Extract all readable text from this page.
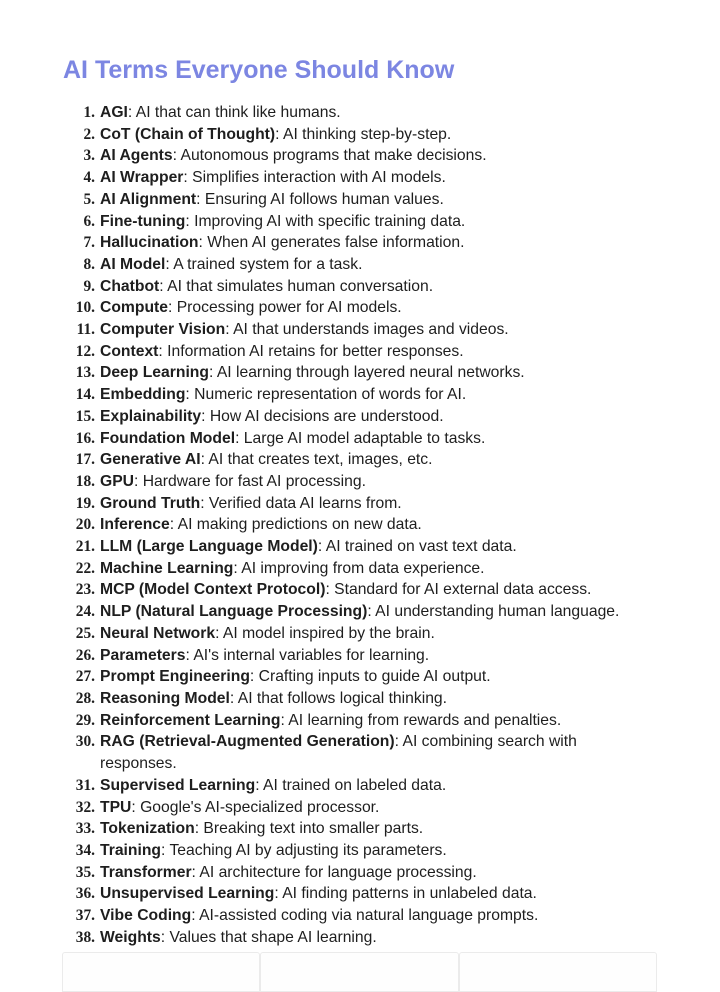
AI Terms Everyone Should Know
1. AGI: AI that can think like humans.
2. CoT (Chain of Thought): AI thinking step-by-step.
3. AI Agents: Autonomous programs that make decisions.
4. AI Wrapper: Simplifies interaction with AI models.
5. AI Alignment: Ensuring AI follows human values.
6. Fine-tuning: Improving AI with specific training data.
7. Hallucination: When AI generates false information.
8. AI Model: A trained system for a task.
9. Chatbot: AI that simulates human conversation.
10. Compute: Processing power for AI models.
11. Computer Vision: AI that understands images and videos.
12. Context: Information AI retains for better responses.
13. Deep Learning: AI learning through layered neural networks.
14. Embedding: Numeric representation of words for AI.
15. Explainability: How AI decisions are understood.
16. Foundation Model: Large AI model adaptable to tasks.
17. Generative AI: AI that creates text, images, etc.
18. GPU: Hardware for fast AI processing.
19. Ground Truth: Verified data AI learns from.
20. Inference: AI making predictions on new data.
21. LLM (Large Language Model): AI trained on vast text data.
22. Machine Learning: AI improving from data experience.
23. MCP (Model Context Protocol): Standard for AI external data access.
24. NLP (Natural Language Processing): AI understanding human language.
25. Neural Network: AI model inspired by the brain.
26. Parameters: AI's internal variables for learning.
27. Prompt Engineering: Crafting inputs to guide AI output.
28. Reasoning Model: AI that follows logical thinking.
29. Reinforcement Learning: AI learning from rewards and penalties.
30. RAG (Retrieval-Augmented Generation): AI combining search with responses.
31. Supervised Learning: AI trained on labeled data.
32. TPU: Google's AI-specialized processor.
33. Tokenization: Breaking text into smaller parts.
34. Training: Teaching AI by adjusting its parameters.
35. Transformer: AI architecture for language processing.
36. Unsupervised Learning: AI finding patterns in unlabeled data.
37. Vibe Coding: AI-assisted coding via natural language prompts.
38. Weights: Values that shape AI learning.
